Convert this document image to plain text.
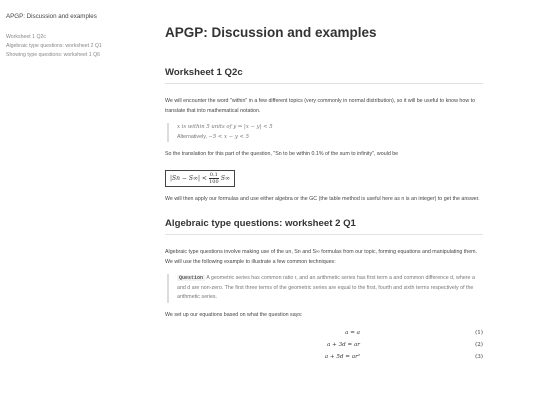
APGP: Discussion and examples
Worksheet 1 Q2c
Algebraic type questions: worksheet 2 Q1
Showing type questions: worksheet 1 Q6
APGP: Discussion and examples
Worksheet 1 Q2c

We will encounter the word "within" in a few different topics (very commonly in normal distribution), so it will be useful to know how to translate that into mathematical notation.

x is within 5 units of y ⇒ |x − y| < 5
Alternatively, −5 < x − y < 5

So the translation for this part of the question, "Sn to be within 0.1% of the sum to infinity", would be

$|Sn - S\infty| < \frac{0.1}{100} S\infty$

We will then apply our formulas and use either algebra or the GC (the table method is useful here as n is an integer) to get the answer.

Algebraic type questions: worksheet 2 Q1

Algebraic type questions involve making use of the un, Sn and S∞ formulas from our topic, forming equations and manipulating them. We will use the following example to illustrate a few common techniques:

Question A geometric series has common ratio r, and an arithmetic series has first term a and common difference d, where a and d are non-zero. The first three terms of the geometric series are equal to the first, fourth and sixth terms respectively of the arithmetic series.

We set up our equations based on what the question says:

a = a	(1)
a + 3d = ar	(2)
a + 5d = ar²	(3)
